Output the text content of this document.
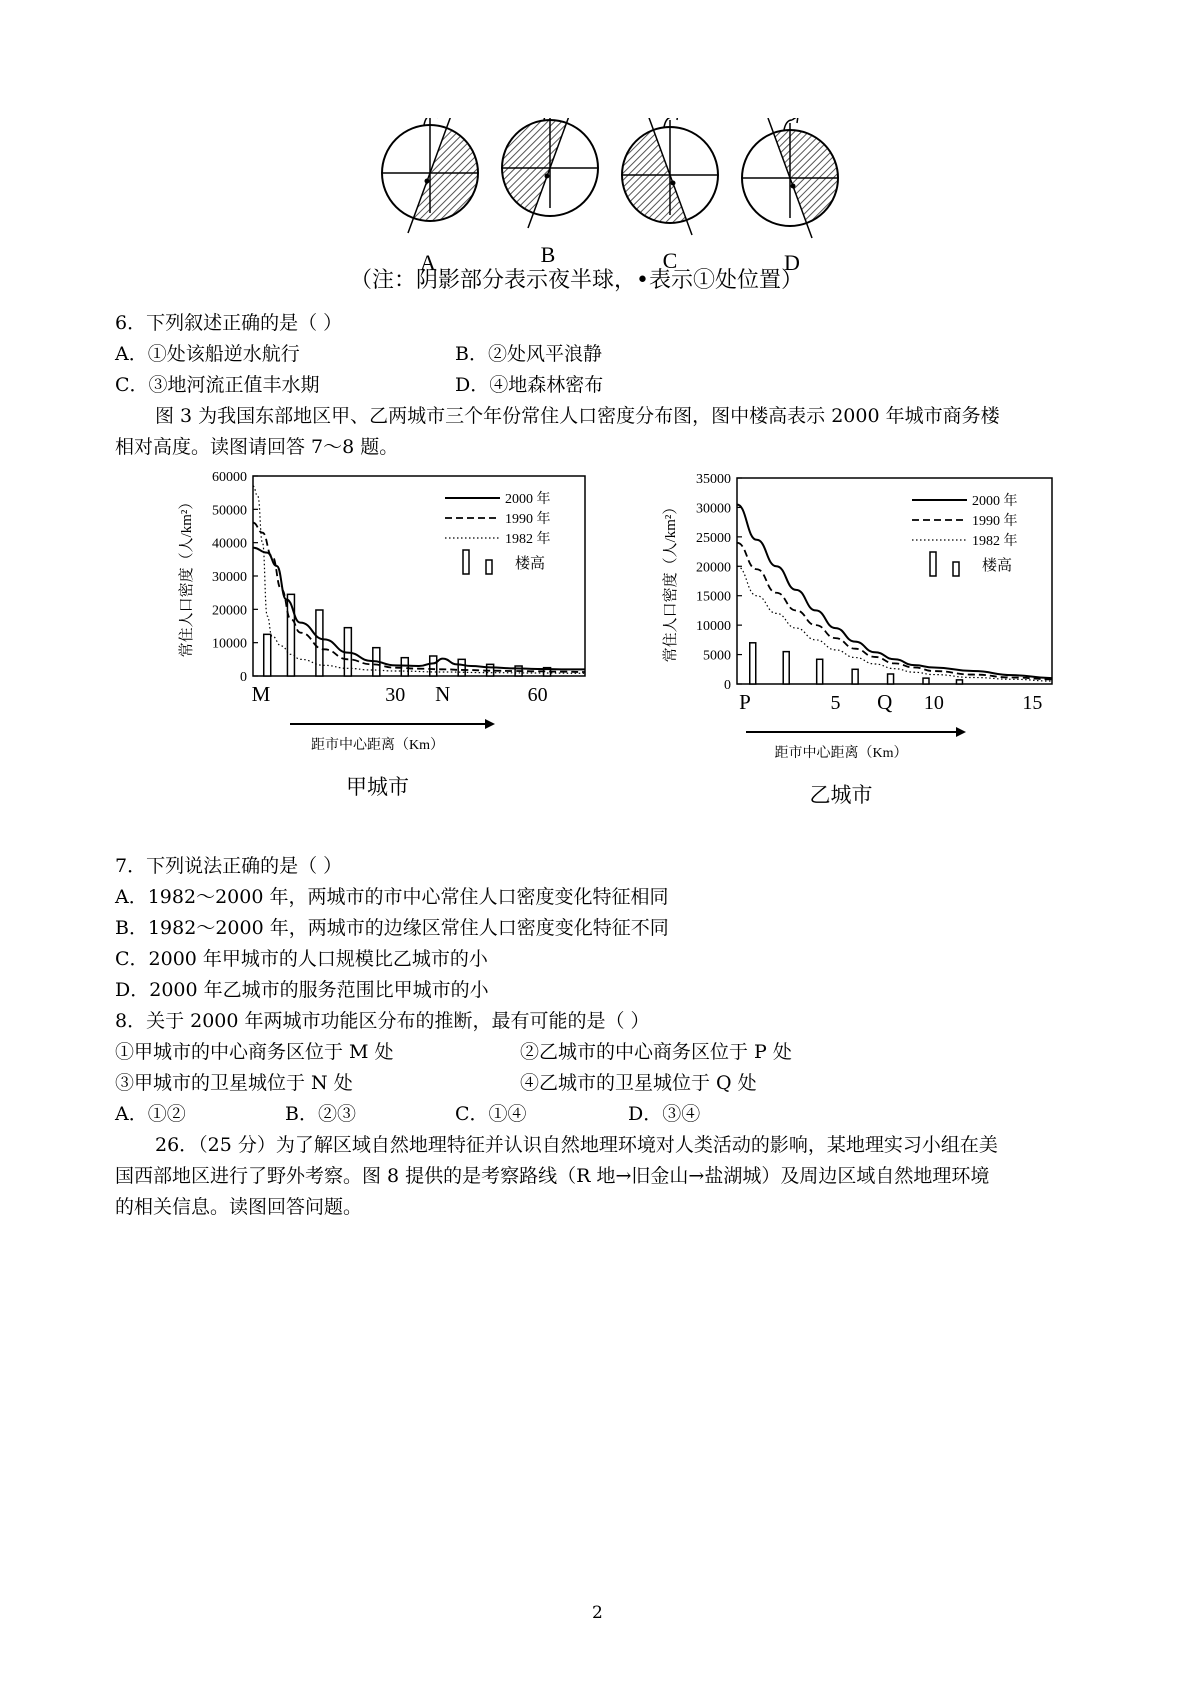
A	B	C	D
（注：阴影部分表示夜半球，•表示①处位置）
6．下列叙述正确的是（ ）
A．①处该船逆水航行	B．②处风平浪静
C．③地河流正值丰水期	D．④地森林密布
图 3 为我国东部地区甲、乙两城市三个年份常住人口密度分布图，图中楼高表示 2000 年城市商务楼
相对高度。读图请回答 7～8 题。
0
10000
20000
30000
40000
50000
60000
M	30 N	60
2000 年
1990 年
1982 年
楼高
常住人口密度（人/km²）
距市中心距离（Km）
甲城市
0
5000
10000
15000
20000
25000
30000
35000
P	5 Q 10	15
2000 年
1990 年
1982 年
楼高
常住人口密度（人/km²）
距市中心距离（Km）
乙城市
7．下列说法正确的是（ ）
A．1982～2000 年，两城市的市中心常住人口密度变化特征相同
B．1982～2000 年，两城市的边缘区常住人口密度变化特征不同
C．2000 年甲城市的人口规模比乙城市的小
D．2000 年乙城市的服务范围比甲城市的小
8．关于 2000 年两城市功能区分布的推断，最有可能的是（ ）
①甲城市的中心商务区位于 M 处	②乙城市的中心商务区位于 P 处
③甲城市的卫星城位于 N 处	④乙城市的卫星城位于 Q 处
A．①②	B．②③	C．①④	D．③④
26．（25 分）为了解区域自然地理特征并认识自然地理环境对人类活动的影响，某地理实习小组在美
国西部地区进行了野外考察。图 8 提供的是考察路线（R 地→旧金山→盐湖城）及周边区域自然地理环境
的相关信息。读图回答问题。
2
